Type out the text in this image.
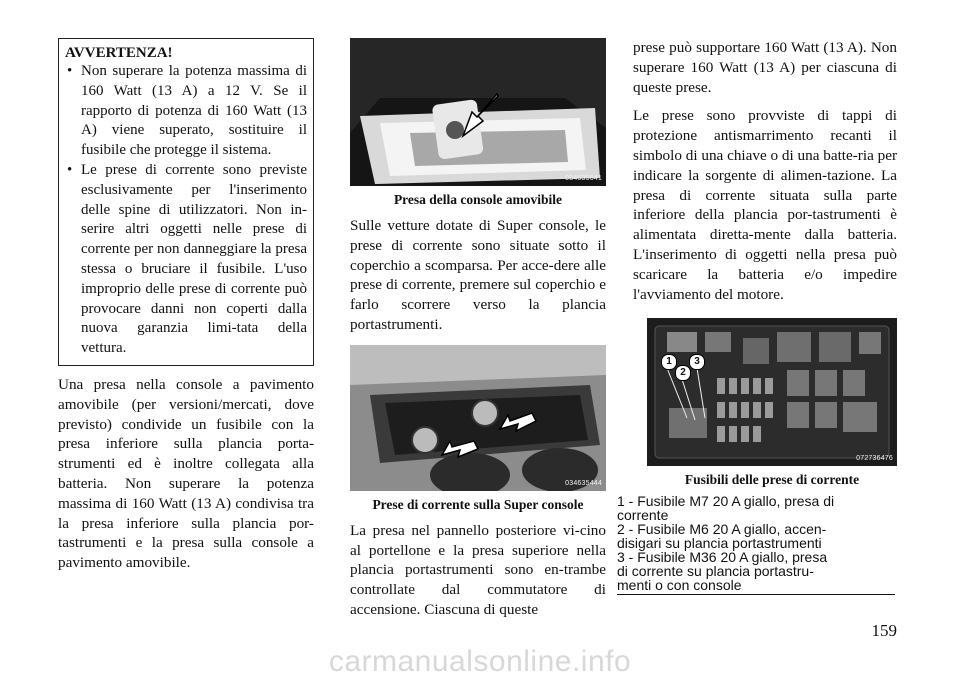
AVVERTENZA!
• Non superare la potenza massima di 160 Watt (13 A) a 12 V. Se il rapporto di potenza di 160 Watt (13 A) viene superato, sostituire il fusibile che protegge il sistema.
• Le prese di corrente sono previste esclusivamente per l'inserimento delle spine di utilizzatori. Non in-serire altri oggetti nelle prese di corrente per non danneggiare la presa stessa o bruciare il fusibile. L'uso improprio delle prese di corrente può provocare danni non coperti dalla nuova garanzia limi-tata della vettura.

Una presa nella console a pavimento amovibile (per versioni/mercati, dove previsto) condivide un fusibile con la presa inferiore sulla plancia porta-strumenti ed è inoltre collegata alla batteria. Non superare la potenza massima di 160 Watt (13 A) condivisa tra la presa inferiore sulla plancia por-tastrumenti e la presa sulla console a pavimento amovibile.

034635641
Presa della console amovibile

Sulle vetture dotate di Super console, le prese di corrente sono situate sotto il coperchio a scomparsa. Per acce-dere alle prese di corrente, premere sul coperchio e farlo scorrere verso la plancia portastrumenti.

034635444
Prese di corrente sulla Super console

La presa nel pannello posteriore vi-cino al portellone e la presa superiore nella plancia portastrumenti sono en-trambe controllate dal commutatore di accensione. Ciascuna di queste

prese può supportare 160 Watt (13 A). Non superare 160 Watt (13 A) per ciascuna di queste prese.

Le prese sono provviste di tappi di protezione antismarrimento recanti il simbolo di una chiave o di una batte-ria per indicare la sorgente di alimen-tazione. La presa di corrente situata sulla parte inferiore della plancia por-tastrumenti è alimentata diretta-mente dalla batteria. L'inserimento di oggetti nella presa può scaricare la batteria e/o impedire l'avviamento del motore.

1
2
3
072736476
Fusibili delle prese di corrente
1 - Fusibile M7 20 A giallo, presa di
corrente
2 - Fusibile M6 20 A giallo, accen-
disigari su plancia portastrumenti
3 - Fusibile M36 20 A giallo, presa
di corrente su plancia portastru-
menti o con console
159
carmanualsonline.info
